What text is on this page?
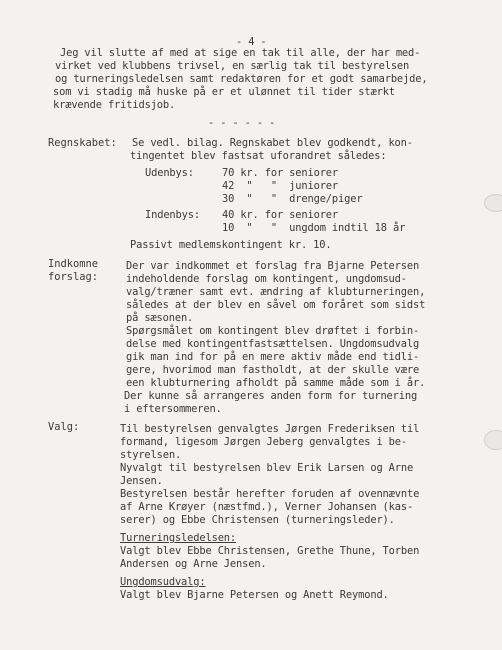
- 4 -
Jeg vil slutte af med at sige en tak til alle, der har med-
virket ved klubbens trivsel, en særlig tak til bestyrelsen
og turneringsledelsen samt redaktøren for et godt samarbejde,
som vi stadig må huske på er et ulønnet til tider stærkt
krævende fritidsjob.
- - - - - -
Regnskabet: Se vedl. bilag. Regnskabet blev godkendt, kon-
tingentet blev fastsat uforandret således:
Udenbys:	70 kr. for seniorer
42  "   "  juniorer
30  "   "  drenge/piger
Indenbys: 40 kr. for seniorer
10  "   "  ungdom indtil 18 år
Passivt medlemskontingent kr. 10.
Indkomne
forslag:
Der var indkommet et forslag fra Bjarne Petersen
indeholdende forslag om kontingent, ungdomsud-
valg/træner samt evt. ændring af klubturneringen,
således at der blev en såvel om foråret som sidst
på sæsonen.
Spørgsmålet om kontingent blev drøftet i forbin-
delse med kontingentfastsættelsen. Ungdomsudvalg
gik man ind for på en mere aktiv måde end tidli-
gere, hvorimod man fastholdt, at der skulle være
een klubturnering afholdt på samme måde som i år.
Der kunne så arrangeres anden form for turnering
i eftersommeren.
Valg:	Til bestyrelsen genvalgtes Jørgen Frederiksen til
formand, ligesom Jørgen Jeberg genvalgtes i be-
styrelsen.
Nyvalgt til bestyrelsen blev Erik Larsen og Arne
Jensen.
Bestyrelsen består herefter foruden af ovennævnte
af Arne Krøyer (næstfmd.), Verner Johansen (kas-
serer) og Ebbe Christensen (turneringsleder).
Turneringsledelsen:
Valgt blev Ebbe Christensen, Grethe Thune, Torben
Andersen og Arne Jensen.
Ungdomsudvalg:
Valgt blev Bjarne Petersen og Anett Reymond.
